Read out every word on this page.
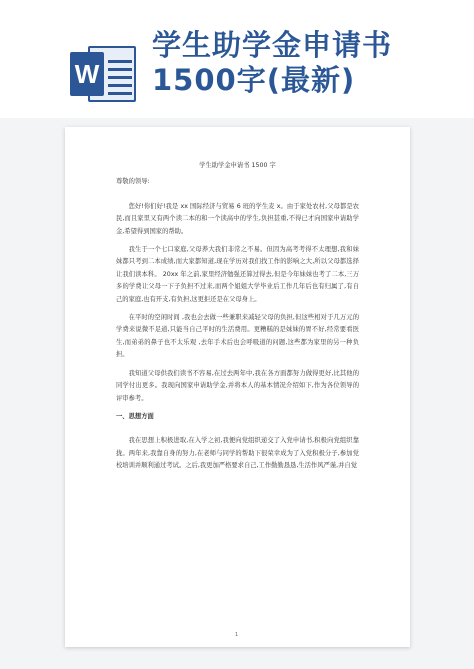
W
学生助学金申请书
1500字(最新)
学生助学金申请书 1500 字
尊敬的领导:
您好!你们好!我是 xx 国际经济与贸易 6 班的学生麦 x。由于家处农村,父母都是农民,而且家里又有两个读二本的和一个读高中的学生,负担甚重,不得已才向国家申请助学金,希望得到国家的帮助。
我生于一个七口家庭,父母养大我们非常之不易。但因为高考考得不太理想,我和妹妹都只考到二本成绩,而大家都知道,现在学历对我们找工作的影响之大,所以父母都选择让我们读本科。 20xx 年之前,家里经济勉强还算过得去,但是今年妹妹也考了二本,三万多的学费让父母一下子负担不过来,而两个姐姐大学毕业后工作几年后也有归属了,有自己的家庭,也有开支,有负担,这更拒还是在父母身上。
在平时的空闲时间 ,我也会去做一些兼职来减轻父母的负担,但这些相对于几万元的学费来说微不足道,只能当自己平时的生活费用。更糟糕的是妹妹的胃不好,经常要看医生,而弟弟的鼻子也不太乐观 ,去年手术后也会呼吸道的问题,这些都为家里的另一种负担。
我知道父母供我们读书不容易,在过去两年中,我在各方面都努力做得更好,比其他的同学付出更多。我现向国家申请助学金,并将本人的基本情况介绍如下,作为各位领导的评审参考。
一、思想方面
我在思想上积极进取,在入学之初,我便向党组织递交了入党申请书,积极向党组织靠拢。两年来,我靠自身的努力,在老师与同学的帮助下很荣幸成为了入党积极分子,参加党校培训并顺利通过考试。之后,我更加严格要求自己,工作勤勤恳恳,生活作风严谨,并自觉
1
